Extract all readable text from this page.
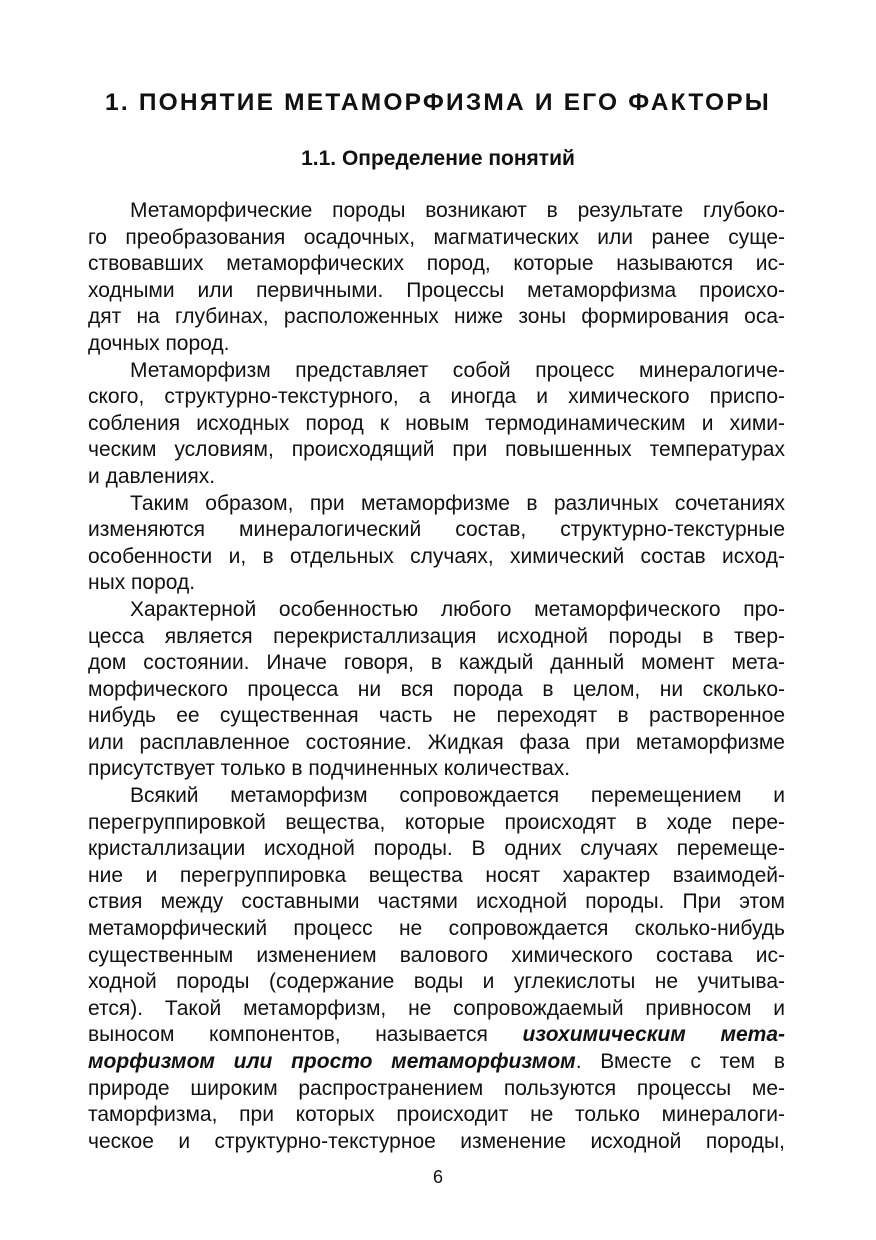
1. ПОНЯТИЕ МЕТАМОРФИЗМА И ЕГО ФАКТОРЫ
1.1. Определение понятий
Метаморфические породы возникают в результате глубоко-
го преобразования осадочных, магматических или ранее суще-
ствовавших метаморфических пород, которые называются ис-
ходными или первичными. Процессы метаморфизма происхо-
дят на глубинах, расположенных ниже зоны формирования оса-
дочных пород.
Метаморфизм представляет собой процесс минералогиче-
ского, структурно-текстурного, а иногда и химического приспо-
собления исходных пород к новым термодинамическим и хими-
ческим условиям, происходящий при повышенных температурах
и давлениях.
Таким образом, при метаморфизме в различных сочетаниях
изменяются минералогический состав, структурно-текстурные
особенности и, в отдельных случаях, химический состав исход-
ных пород.
Характерной особенностью любого метаморфического про-
цесса является перекристаллизация исходной породы в твер-
дом состоянии. Иначе говоря, в каждый данный момент мета-
морфического процесса ни вся порода в целом, ни сколько-
нибудь ее существенная часть не переходят в растворенное
или расплавленное состояние. Жидкая фаза при метаморфизме
присутствует только в подчиненных количествах.
Всякий метаморфизм сопровождается перемещением и
перегруппировкой вещества, которые происходят в ходе пере-
кристаллизации исходной породы. В одних случаях перемеще-
ние и перегруппировка вещества носят характер взаимодей-
ствия между составными частями исходной породы. При этом
метаморфический процесс не сопровождается сколько-нибудь
существенным изменением валового химического состава ис-
ходной породы (содержание воды и углекислоты не учитыва-
ется). Такой метаморфизм, не сопровождаемый привносом и
выносом компонентов, называется изохимическим мета-
морфизмом или просто метаморфизмом. Вместе с тем в
природе широким распространением пользуются процессы ме-
таморфизма, при которых происходит не только минералоги-
ческое и структурно-текстурное изменение исходной породы,
6
